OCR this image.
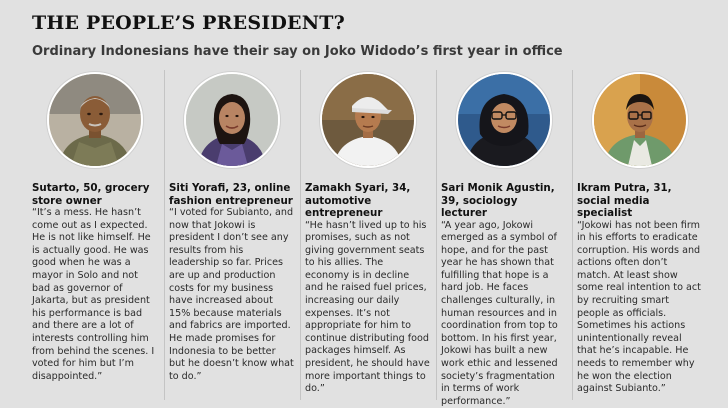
THE PEOPLE’S PRESIDENT?
Ordinary Indonesians have their say on Joko Widodo’s first year in office
Sutarto, 50, grocery store owner
“It’s a mess. He hasn’t come out as I expected. He is not like himself. He is actually good. He was good when he was a mayor in Solo and not bad as governor of Jakarta, but as president his performance is bad and there are a lot of interests controlling him from behind the scenes. I voted for him but I’m disappointed.”
Siti Yorafi, 23, online fashion entrepreneur
“I voted for Subianto, and now that Jokowi is president I don’t see any results from his leadership so far. Prices are up and production costs for my business have increased about 15% because materials and fabrics are imported. He made promises for Indonesia to be better but he doesn’t know what to do.”
Zamakh Syari, 34, automotive entrepreneur
“He hasn’t lived up to his promises, such as not giving government seats to his allies. The economy is in decline and he raised fuel prices, increasing our daily expenses. It’s not appropriate for him to continue distributing food packages himself. As president, he should have more important things to do.”
Sari Monik Agustin, 39, sociology lecturer
“A year ago, Jokowi emerged as a symbol of hope, and for the past year he has shown that fulfilling that hope is a hard job. He faces challenges culturally, in human resources and in coordination from top to bottom. In his first year, Jokowi has built a new work ethic and lessened society’s fragmentation in terms of work performance.”
Ikram Putra, 31, social media specialist
“Jokowi has not been firm in his efforts to eradicate corruption. His words and actions often don’t match. At least show some real intention to act by recruiting smart people as officials. Sometimes his actions unintentionally reveal that he’s incapable. He needs to remember why he won the election against Subianto.”
